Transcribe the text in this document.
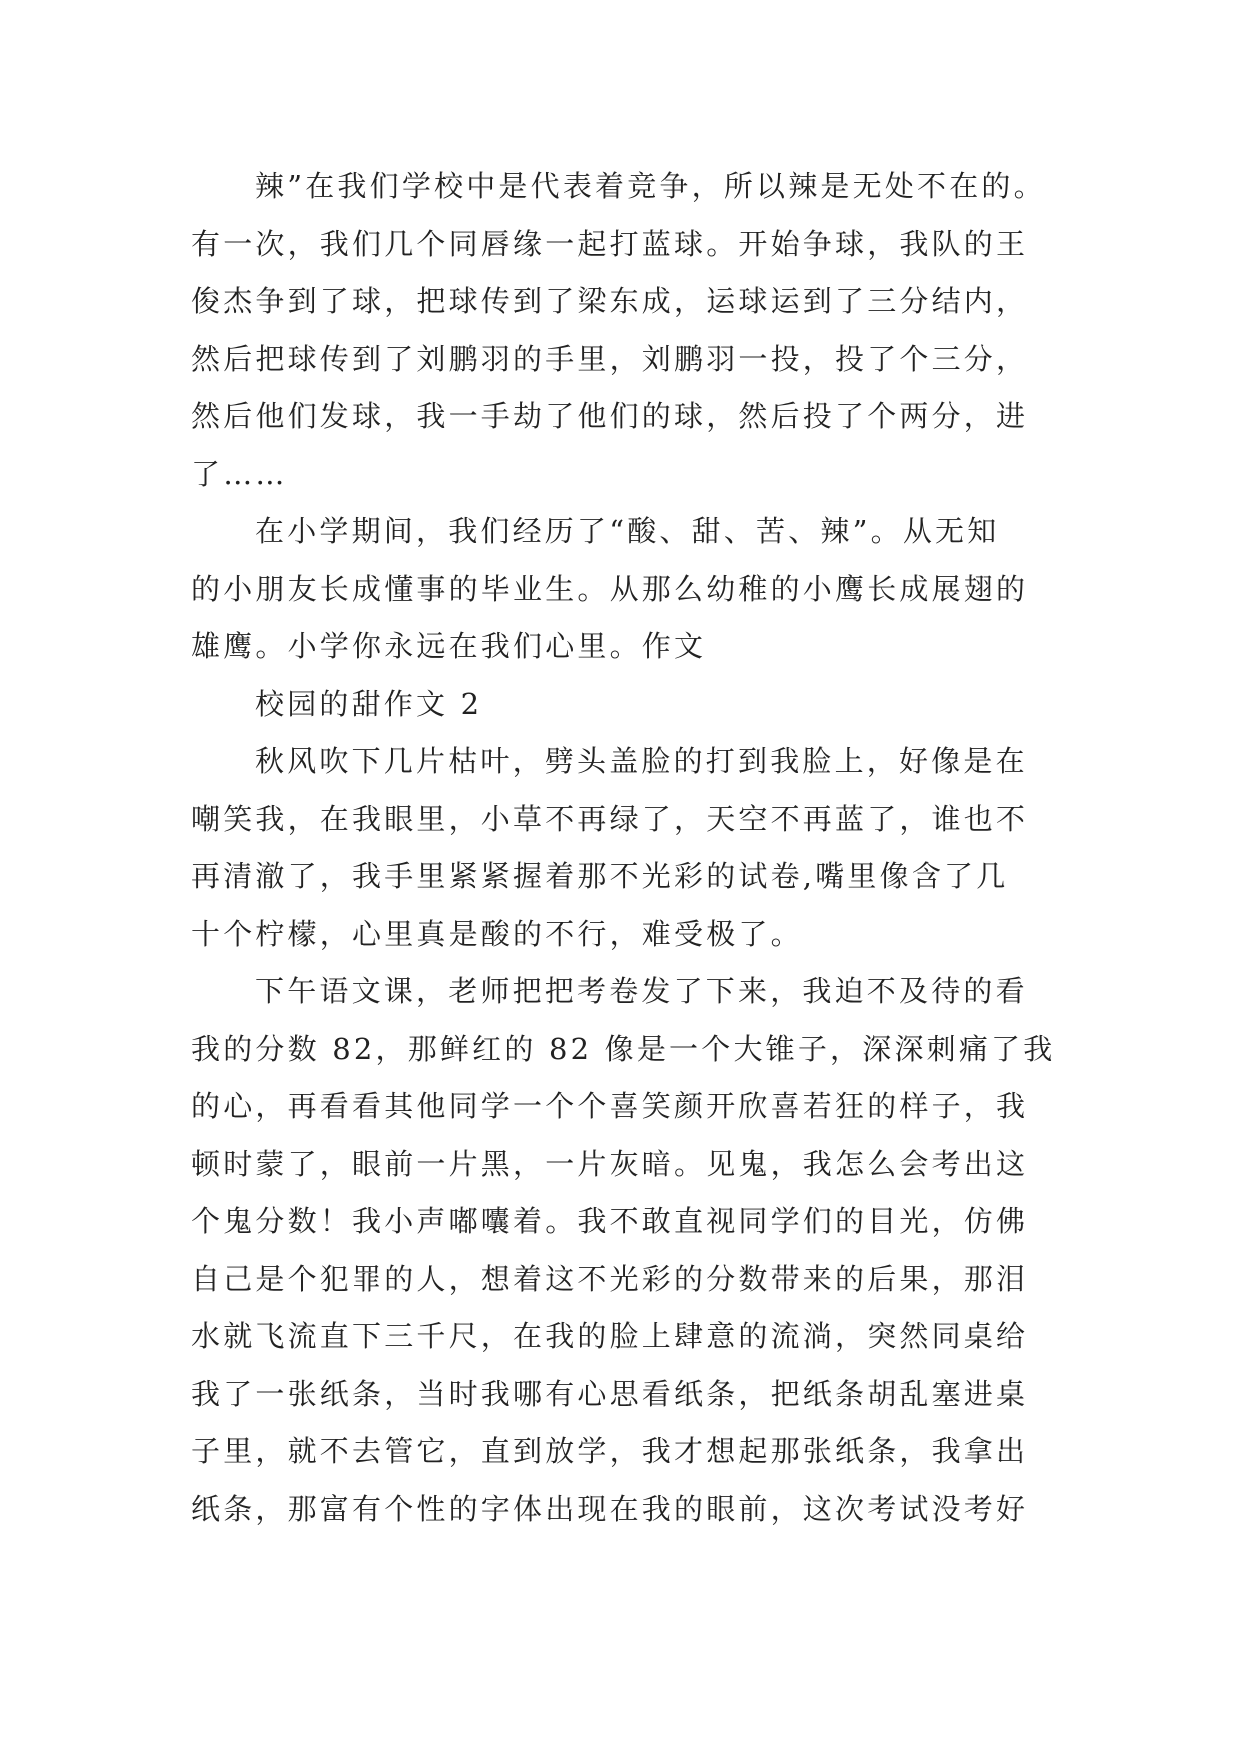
辣”在我们学校中是代表着竞争，所以辣是无处不在的。
有一次，我们几个同唇缘一起打蓝球。开始争球，我队的王
俊杰争到了球，把球传到了梁东成，运球运到了三分结内，
然后把球传到了刘鹏羽的手里，刘鹏羽一投，投了个三分，
然后他们发球，我一手劫了他们的球，然后投了个两分，进
了……
在小学期间，我们经历了“酸、甜、苦、辣”。从无知
的小朋友长成懂事的毕业生。从那么幼稚的小鹰长成展翅的
雄鹰。小学你永远在我们心里。作文
校园的甜作文 2
秋风吹下几片枯叶，劈头盖脸的打到我脸上，好像是在
嘲笑我，在我眼里，小草不再绿了，天空不再蓝了，谁也不
再清澈了，我手里紧紧握着那不光彩的试卷,嘴里像含了几
十个柠檬，心里真是酸的不行，难受极了。
下午语文课，老师把把考卷发了下来，我迫不及待的看
我的分数 82，那鲜红的 82 像是一个大锥子，深深刺痛了我
的心，再看看其他同学一个个喜笑颜开欣喜若狂的样子，我
顿时蒙了，眼前一片黑，一片灰暗。见鬼，我怎么会考出这
个鬼分数！我小声嘟囔着。我不敢直视同学们的目光，仿佛
自己是个犯罪的人，想着这不光彩的分数带来的后果，那泪
水就飞流直下三千尺，在我的脸上肆意的流淌，突然同桌给
我了一张纸条，当时我哪有心思看纸条，把纸条胡乱塞进桌
子里，就不去管它，直到放学，我才想起那张纸条，我拿出
纸条，那富有个性的字体出现在我的眼前，这次考试没考好
